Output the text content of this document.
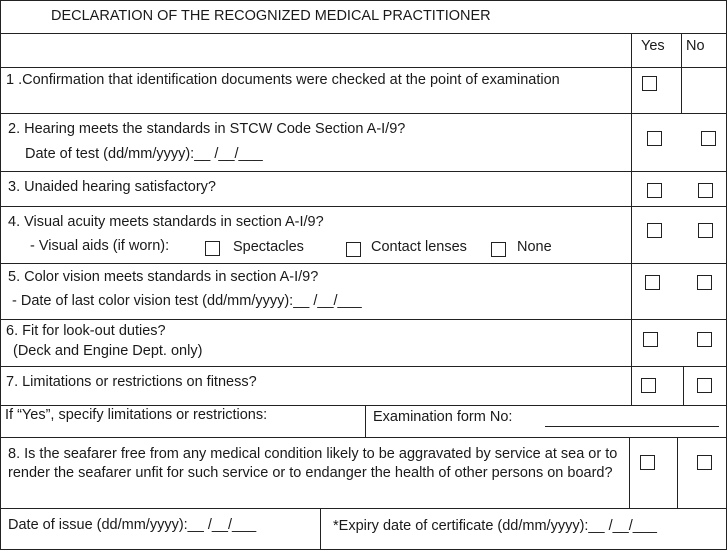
DECLARATION OF THE RECOGNIZED MEDICAL PRACTITIONER
Yes No
1 .Confirmation that identification documents were checked at the point of examination
2. Hearing meets the standards in STCW Code Section A-I/9?
Date of test (dd/mm/yyyy):__ /__/___
3. Unaided hearing satisfactory?
4. Visual acuity meets standards in section A-I/9?
- Visual aids (if worn):	Spectacles	Contact lenses	None
5. Color vision meets standards in section A-I/9?
- Date of last color vision test (dd/mm/yyyy):__ /__/___
6. Fit for look-out duties?
(Deck and Engine Dept. only)
7. Limitations or restrictions on fitness?
If “Yes”, specify limitations or restrictions:	Examination form No:
8. Is the seafarer free from any medical condition likely to be aggravated by service at sea or to render the seafarer unfit for such service or to endanger the health of other persons on board?
Date of issue (dd/mm/yyyy):__ /__/___	*Expiry date of certificate (dd/mm/yyyy):__ /__/___
